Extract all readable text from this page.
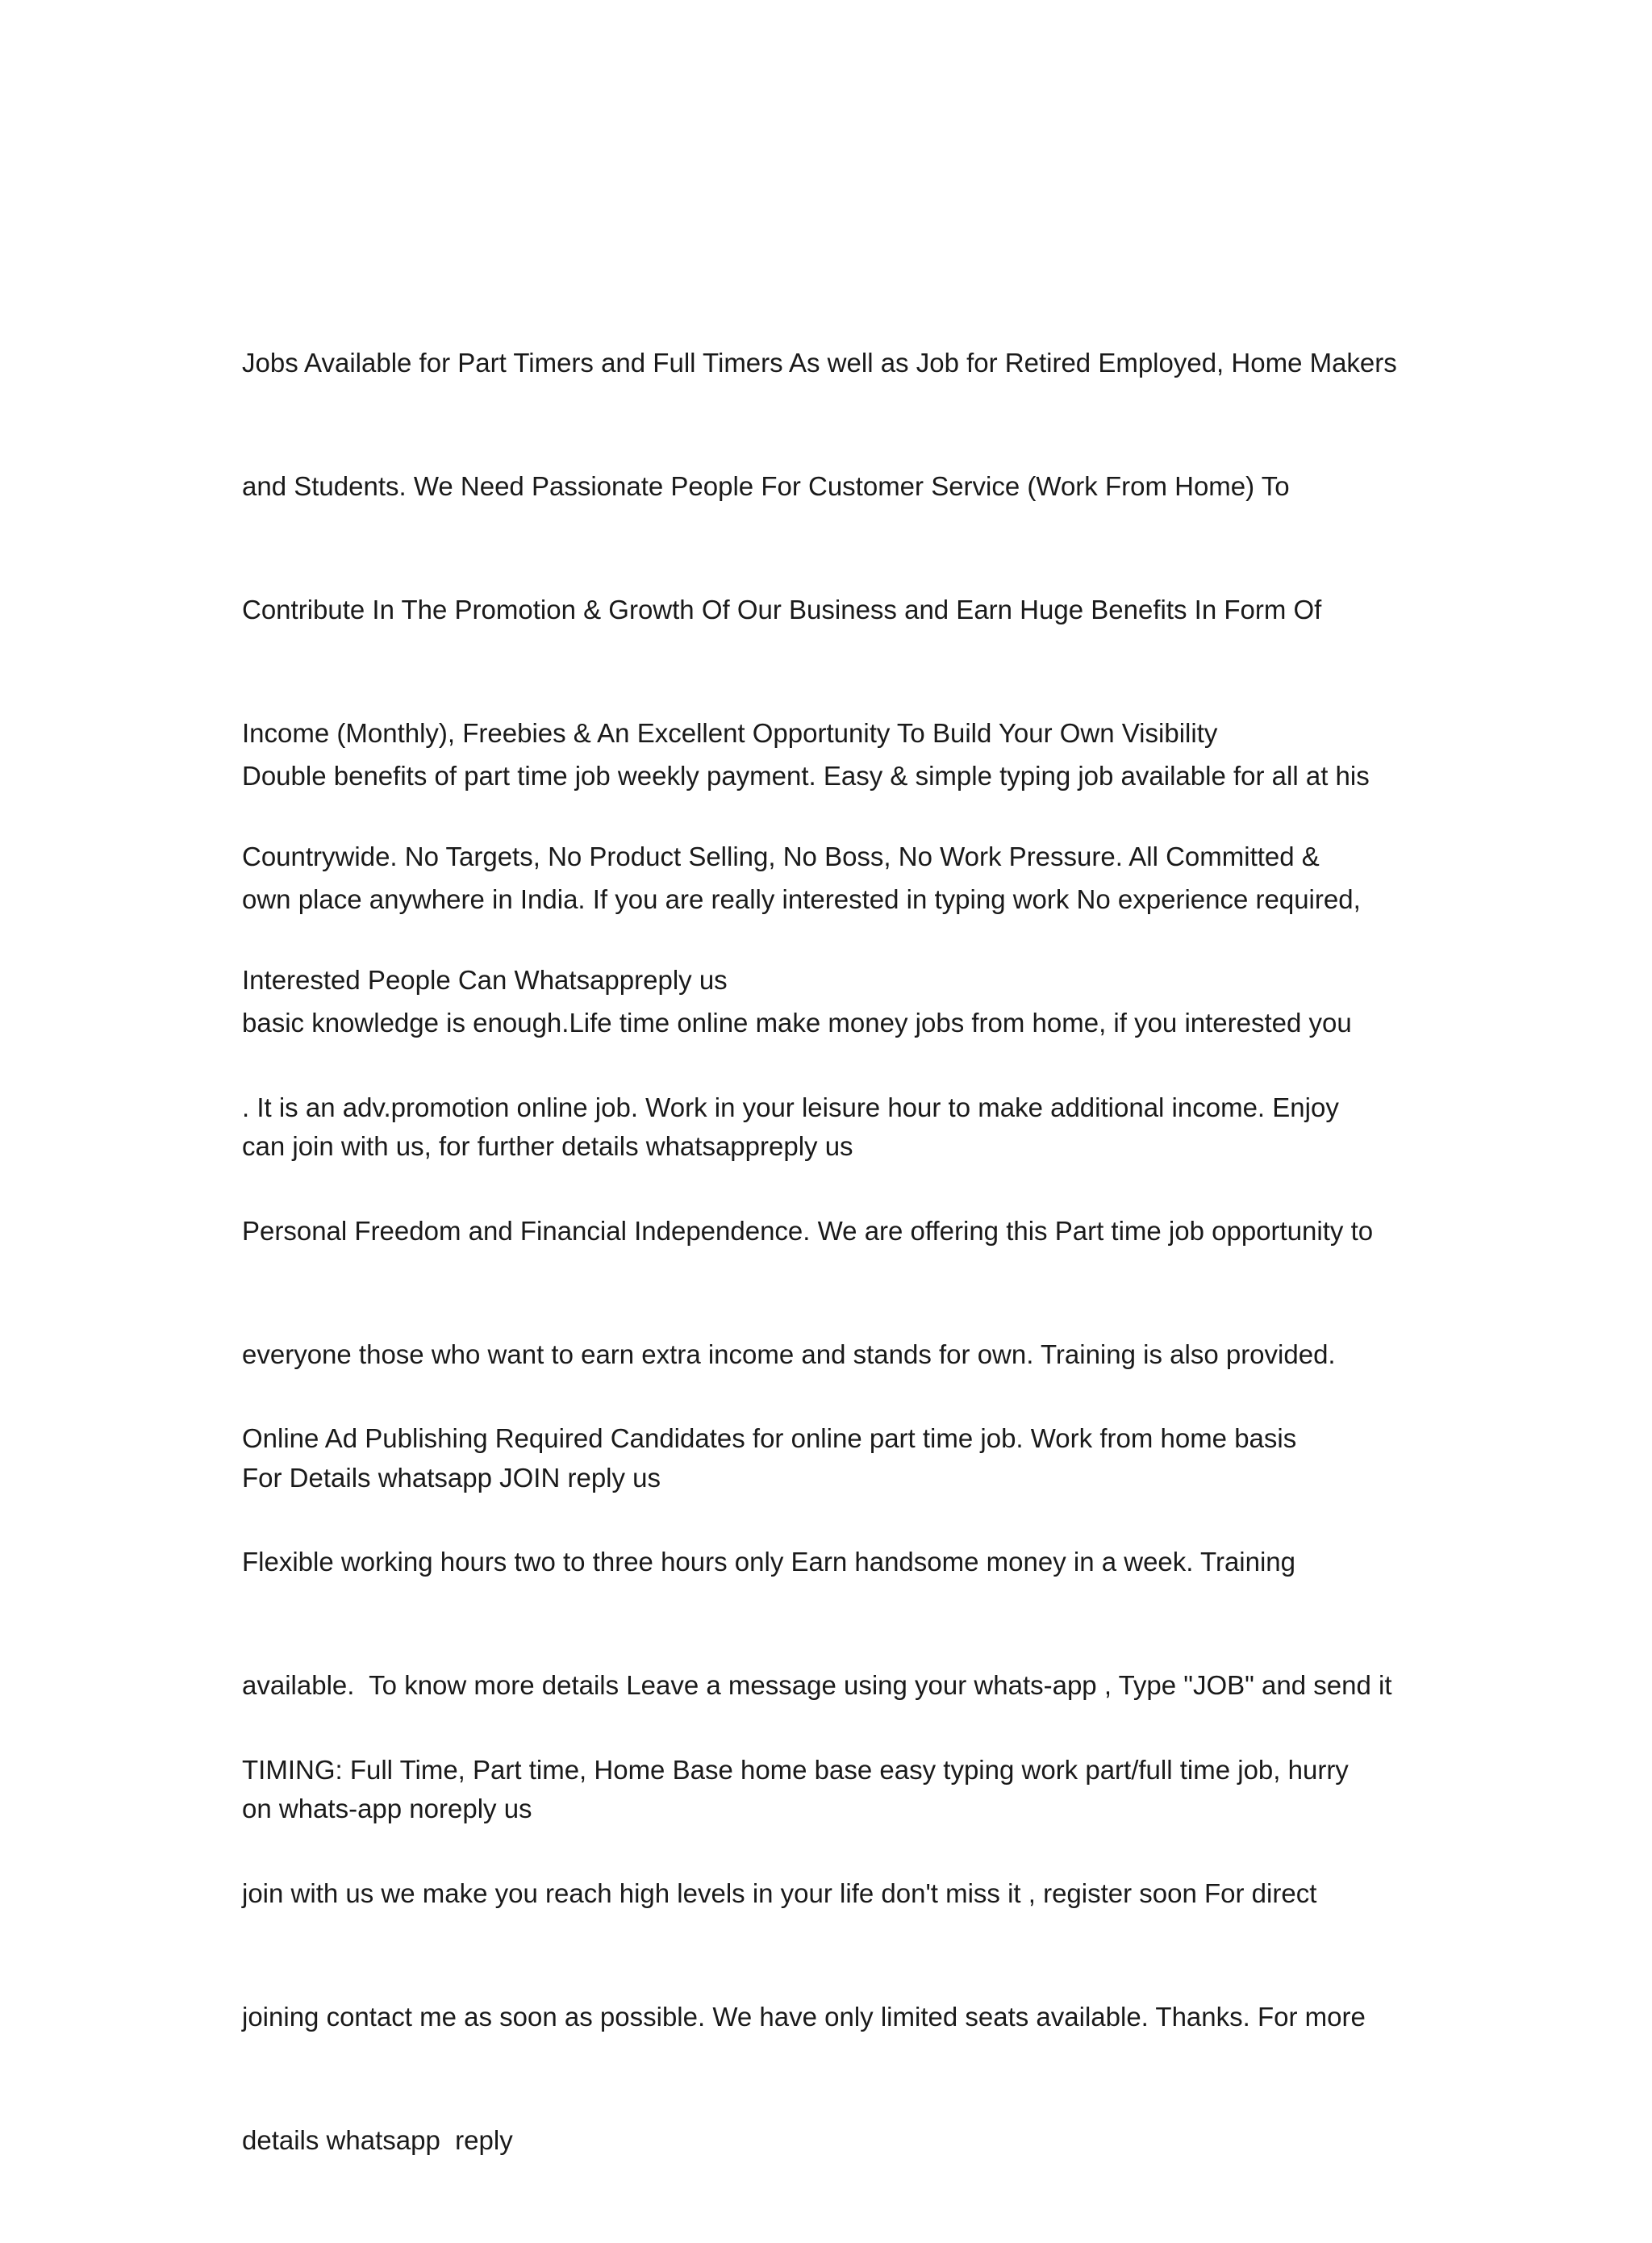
Jobs Available for Part Timers and Full Timers As well as Job for Retired Employed, Home Makers

and Students. We Need Passionate People For Customer Service (Work From Home) To

Contribute In The Promotion & Growth Of Our Business and Earn Huge Benefits In Form Of

Income (Monthly), Freebies & An Excellent Opportunity To Build Your Own Visibility

Countrywide. No Targets, No Product Selling, No Boss, No Work Pressure. All Committed &

Interested People Can Whatsappreply us

Double benefits of part time job weekly payment. Easy & simple typing job available for all at his

own place anywhere in India. If you are really interested in typing work No experience required,

basic knowledge is enough.Life time online make money jobs from home, if you interested you

can join with us, for further details whatsappreply us

. It is an adv.promotion online job. Work in your leisure hour to make additional income. Enjoy

Personal Freedom and Financial Independence. We are offering this Part time job opportunity to

everyone those who want to earn extra income and stands for own. Training is also provided.

For Details whatsapp JOIN reply us

Online Ad Publishing Required Candidates for online part time job. Work from home basis

Flexible working hours two to three hours only Earn handsome money in a week. Training

available.  To know more details Leave a message using your whats-app , Type "JOB" and send it

on whats-app noreply us

TIMING: Full Time, Part time, Home Base home base easy typing work part/full time job, hurry

join with us we make you reach high levels in your life don't miss it , register soon For direct

joining contact me as soon as possible. We have only limited seats available. Thanks. For more

details whatsapp  reply
